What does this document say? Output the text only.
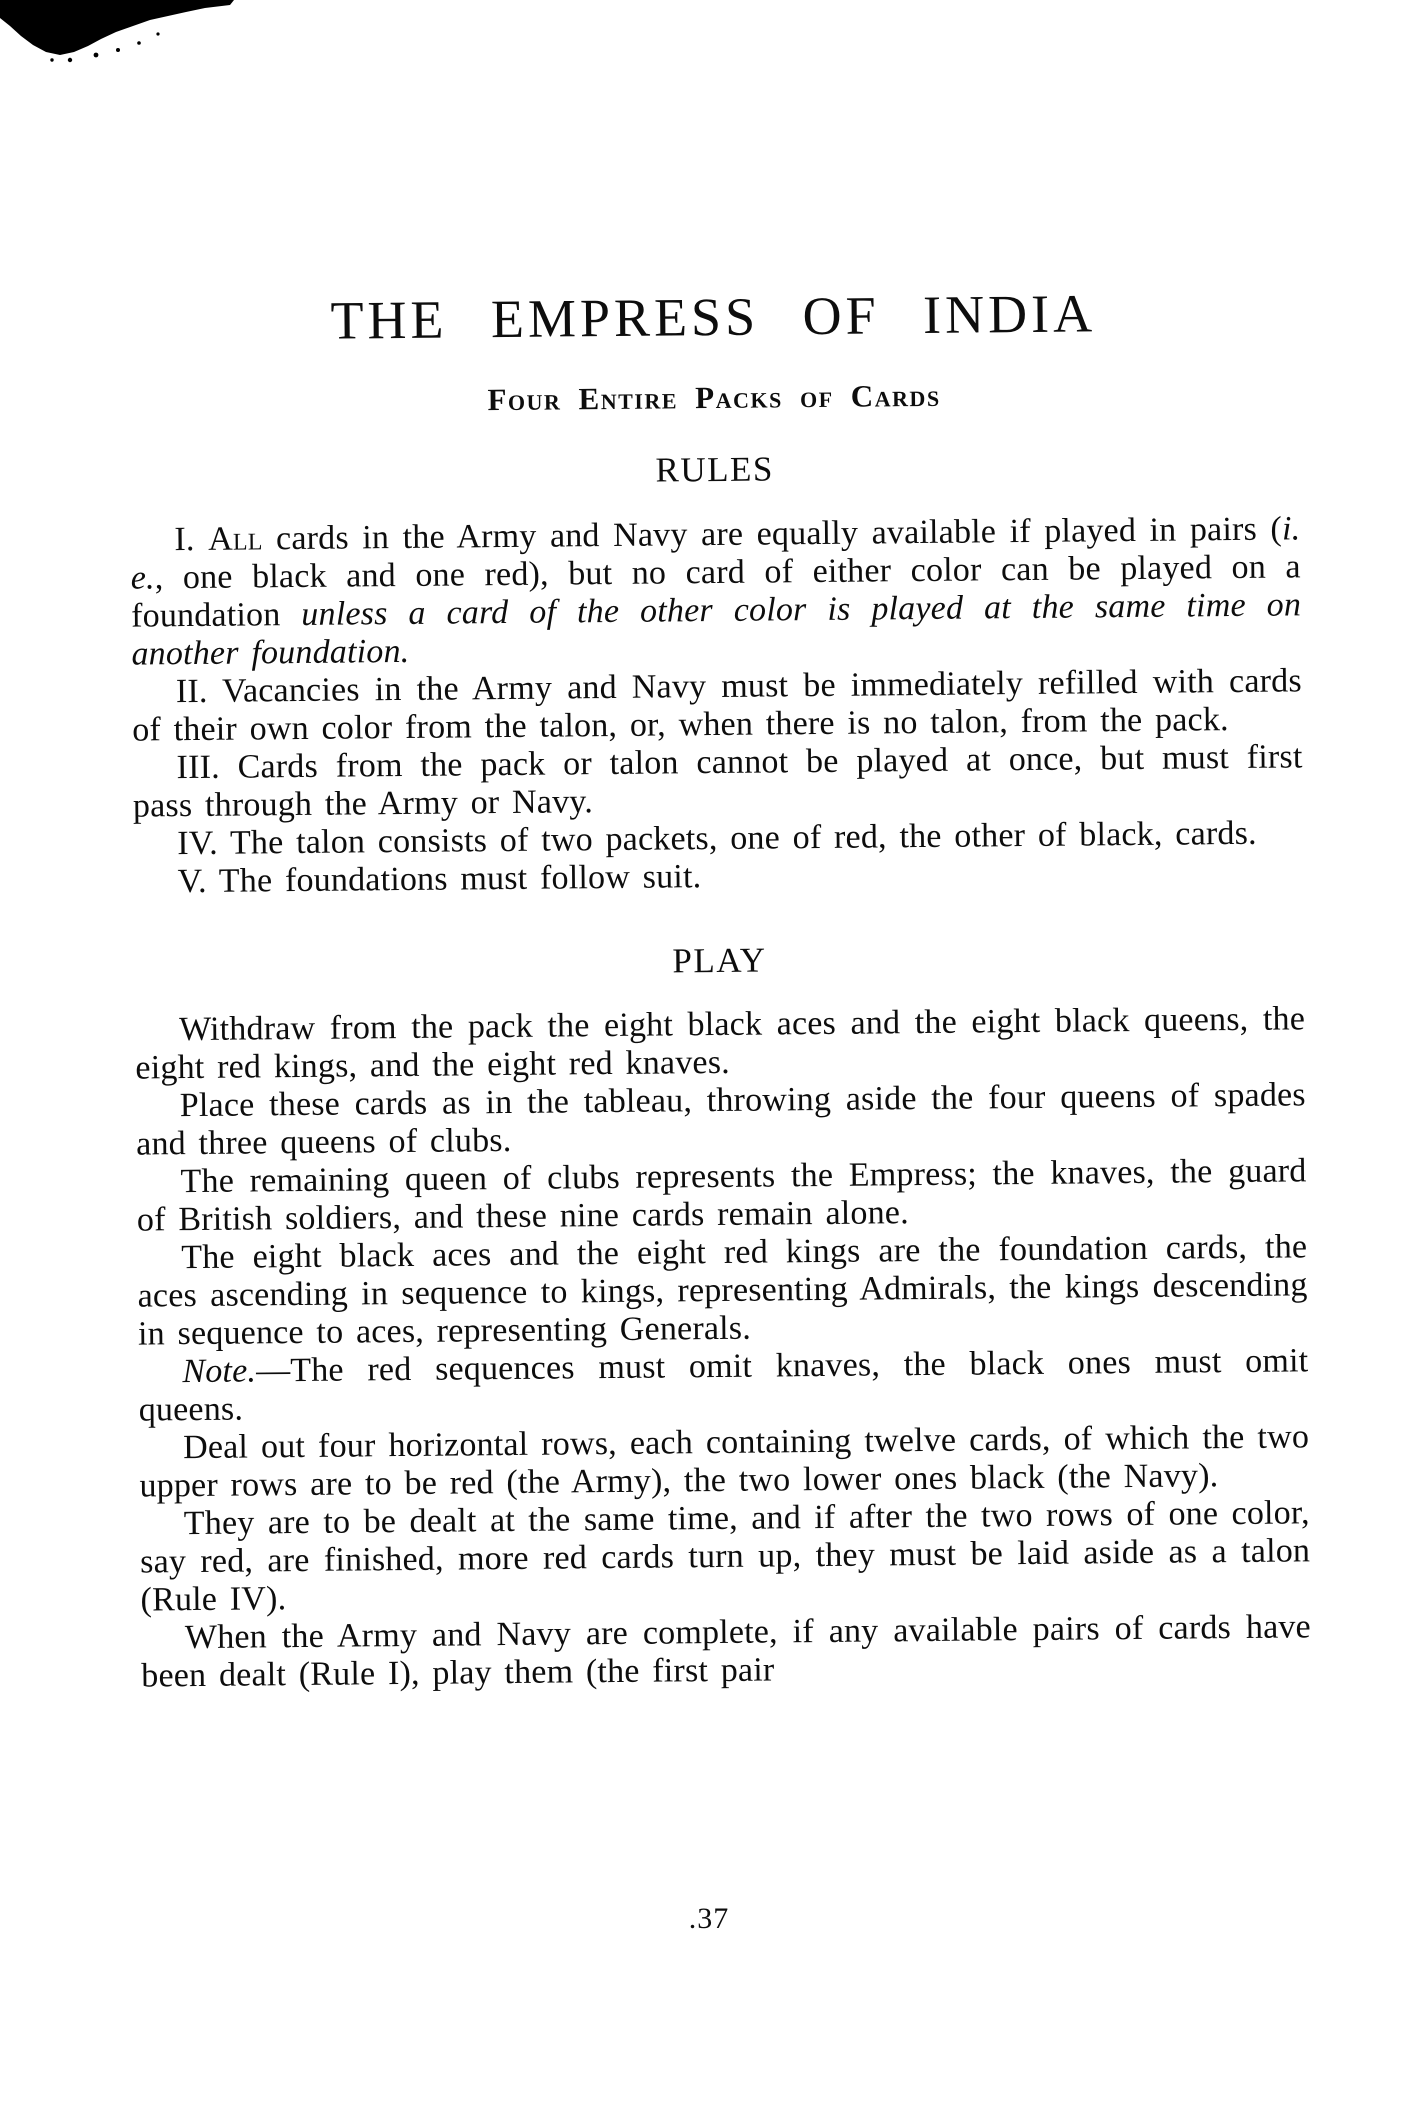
THE EMPRESS OF INDIA
Four Entire Packs of Cards
RULES

I. All cards in the Army and Navy are equally available if played in pairs (i. e., one black and one red), but no card of either color can be played on a foundation unless a card of the other color is played at the same time on another foundation.

II. Vacancies in the Army and Navy must be immediately refilled with cards of their own color from the talon, or, when there is no talon, from the pack.

III. Cards from the pack or talon cannot be played at once, but must first pass through the Army or Navy.

IV. The talon consists of two packets, one of red, the other of black, cards.

V. The foundations must follow suit.

PLAY

Withdraw from the pack the eight black aces and the eight black queens, the eight red kings, and the eight red knaves.

Place these cards as in the tableau, throwing aside the four queens of spades and three queens of clubs.

The remaining queen of clubs represents the Empress; the knaves, the guard of British soldiers, and these nine cards remain alone.

The eight black aces and the eight red kings are the foundation cards, the aces ascending in sequence to kings, representing Admirals, the kings descending in sequence to aces, representing Generals.

Note.—The red sequences must omit knaves, the black ones must omit queens.

Deal out four horizontal rows, each containing twelve cards, of which the two upper rows are to be red (the Army), the two lower ones black (the Navy).

They are to be dealt at the same time, and if after the two rows of one color, say red, are finished, more red cards turn up, they must be laid aside as a talon (Rule IV).

When the Army and Navy are complete, if any available pairs of cards have been dealt (Rule I), play them (the first pair

.37
